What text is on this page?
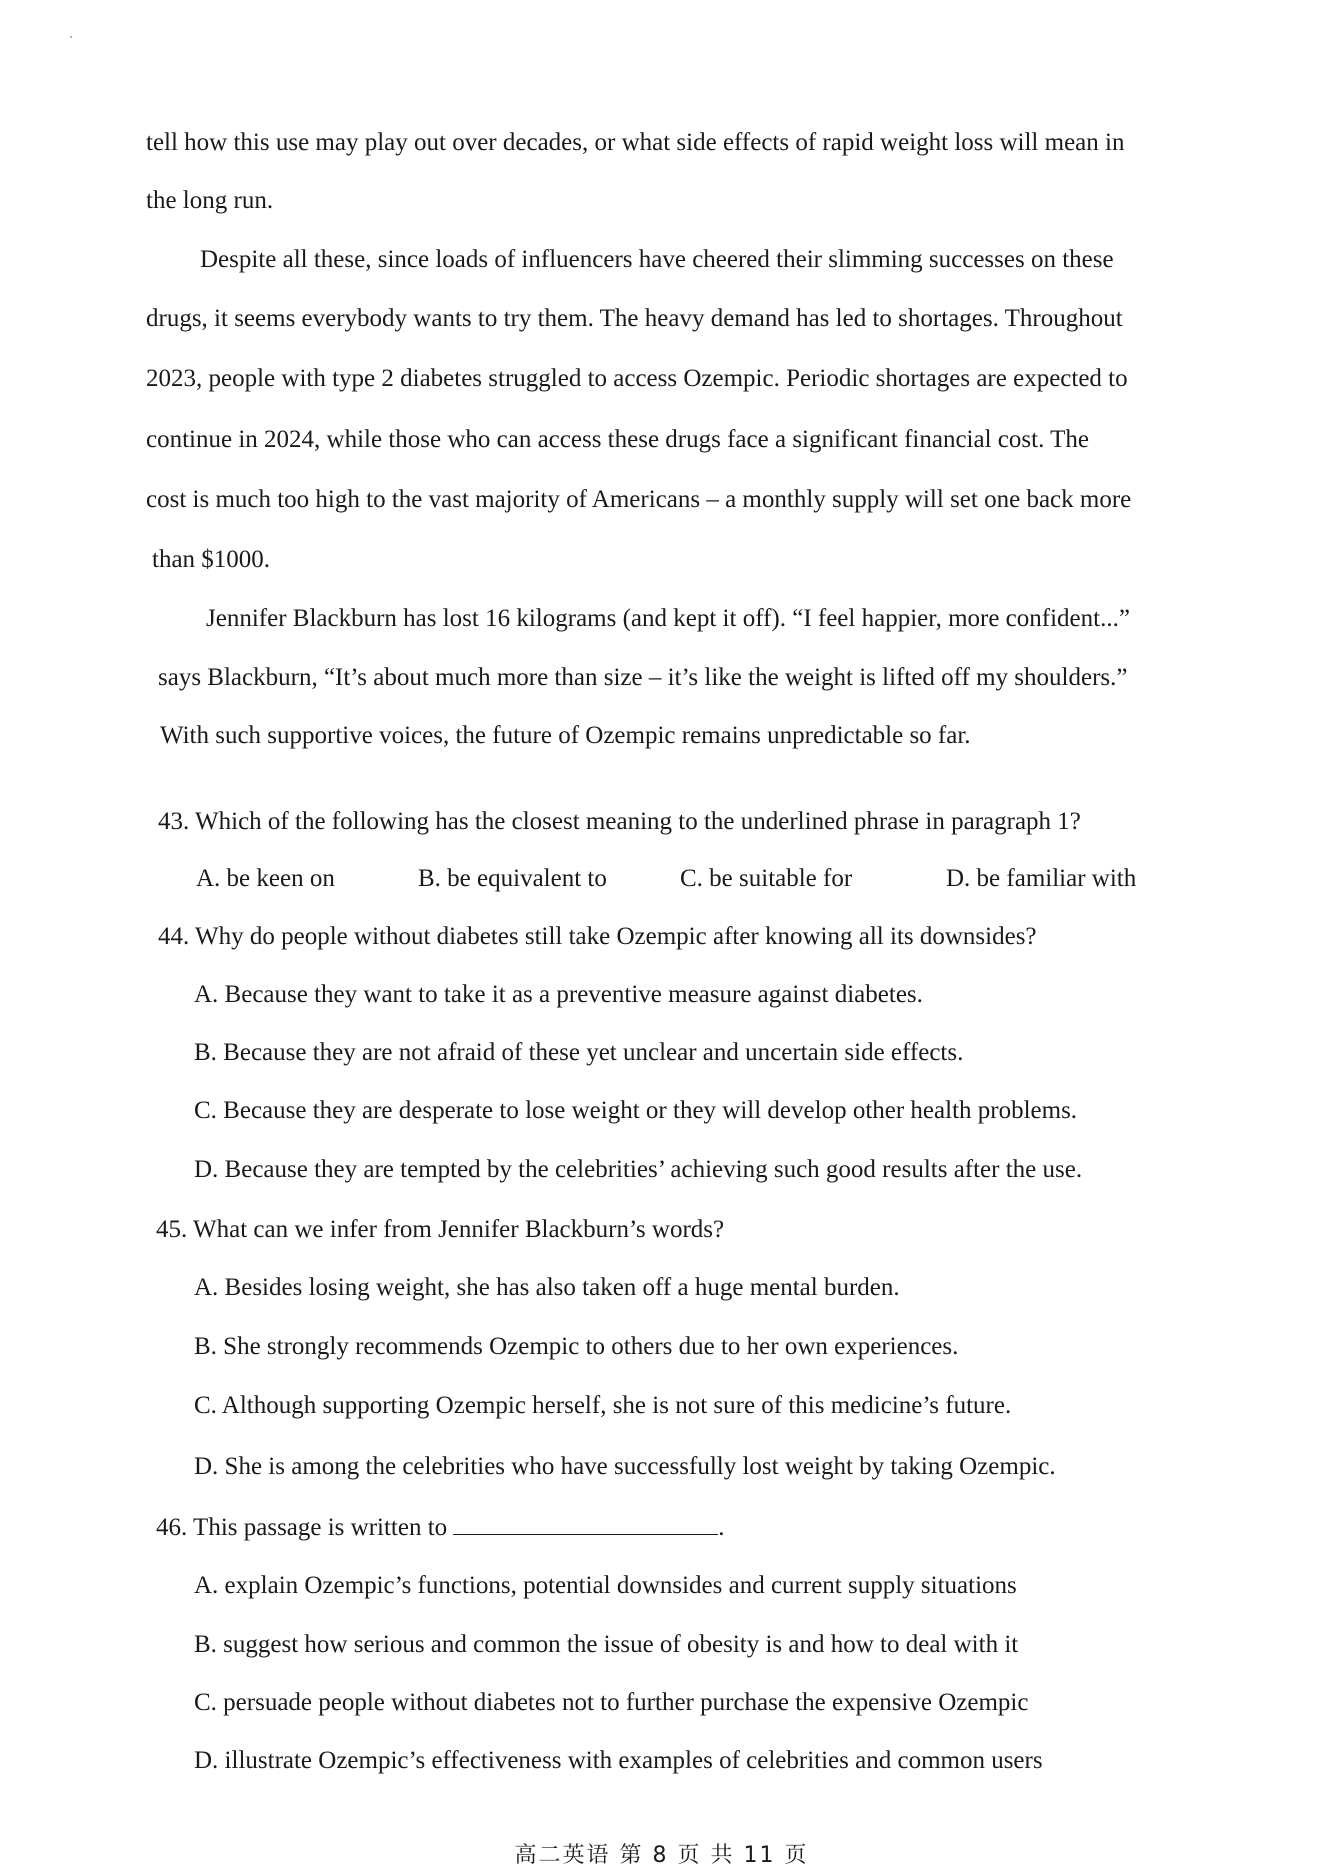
tell how this use may play out over decades, or what side effects of rapid weight loss will mean in
the long run.
Despite all these, since loads of influencers have cheered their slimming successes on these
drugs, it seems everybody wants to try them. The heavy demand has led to shortages. Throughout
2023, people with type 2 diabetes struggled to access Ozempic. Periodic shortages are expected to
continue in 2024, while those who can access these drugs face a significant financial cost. The
cost is much too high to the vast majority of Americans – a monthly supply will set one back more
than $1000.
Jennifer Blackburn has lost 16 kilograms (and kept it off). “I feel happier, more confident...”
says Blackburn, “It’s about much more than size – it’s like the weight is lifted off my shoulders.”
With such supportive voices, the future of Ozempic remains unpredictable so far.
43. Which of the following has the closest meaning to the underlined phrase in paragraph 1?
A. be keen on	B. be equivalent to	C. be suitable for	D. be familiar with
44. Why do people without diabetes still take Ozempic after knowing all its downsides?
A. Because they want to take it as a preventive measure against diabetes.
B. Because they are not afraid of these yet unclear and uncertain side effects.
C. Because they are desperate to lose weight or they will develop other health problems.
D. Because they are tempted by the celebrities’ achieving such good results after the use.
45. What can we infer from Jennifer Blackburn’s words?
A. Besides losing weight, she has also taken off a huge mental burden.
B. She strongly recommends Ozempic to others due to her own experiences.
C. Although supporting Ozempic herself, she is not sure of this medicine’s future.
D. She is among the celebrities who have successfully lost weight by taking Ozempic.
46. This passage is written to	.
A. explain Ozempic’s functions, potential downsides and current supply situations
B. suggest how serious and common the issue of obesity is and how to deal with it
C. persuade people without diabetes not to further purchase the expensive Ozempic
D. illustrate Ozempic’s effectiveness with examples of celebrities and common users
高二英语 第 8 页 共 11 页
